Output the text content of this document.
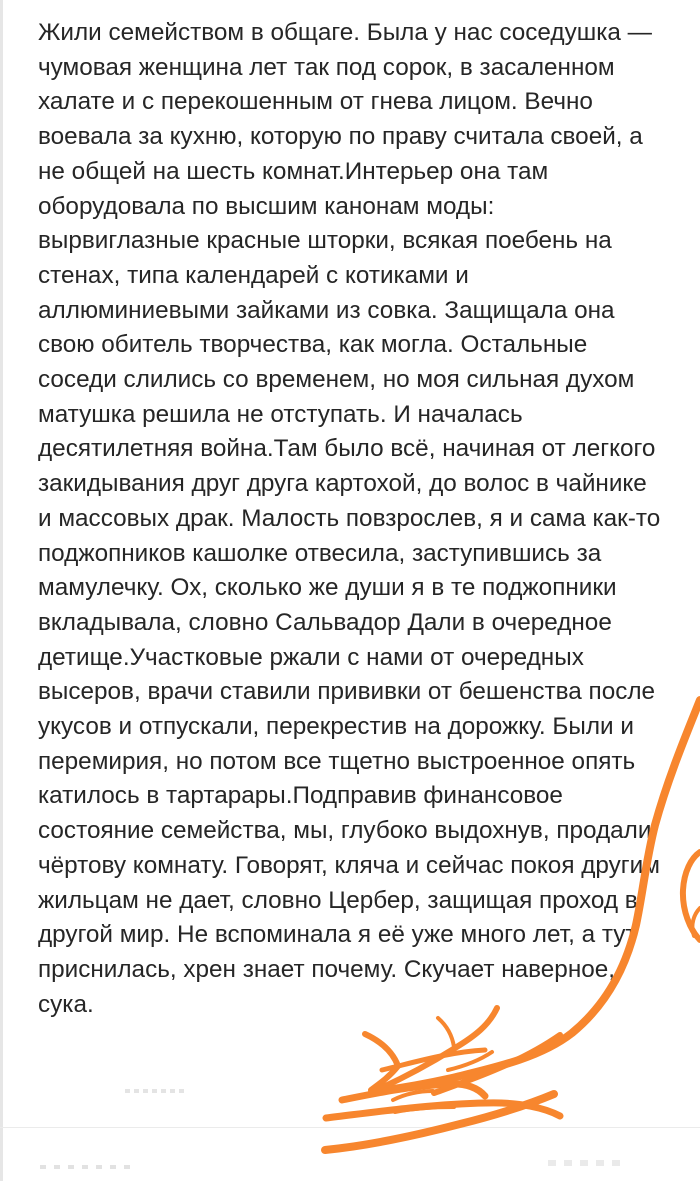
Жили семейством в общаге. Была у нас соседушка —
чумовая женщина лет так под сорок, в засаленном
халате и с перекошенным от гнева лицом. Вечно
воевала за кухню, которую по праву считала своей, а
не общей на шесть комнат.Интерьер она там
оборудовала по высшим канонам моды:
вырвиглазные красные шторки, всякая поебень на
стенах, типа календарей с котиками и
аллюминиевыми зайками из совка. Защищала она
свою обитель творчества, как могла. Остальные
соседи слились со временем, но моя сильная духом
матушка решила не отступать. И началась
десятилетняя война.Там было всё, начиная от легкого
закидывания друг друга картохой, до волос в чайнике
и массовых драк. Малость повзрослев, я и сама как-то
поджопников кашолке отвесила, заступившись за
мамулечку. Ох, сколько же души я в те поджопники
вкладывала, словно Сальвадор Дали в очередное
детище.Участковые ржали с нами от очередных
высеров, врачи ставили прививки от бешенства после
укусов и отпускали, перекрестив на дорожку. Были и
перемирия, но потом все тщетно выстроенное опять
катилось в тартарары.Подправив финансовое
состояние семейства, мы, глубоко выдохнув, продали
чёртову комнату. Говорят, кляча и сейчас покоя другим
жильцам не дает, словно Цербер, защищая проход в
другой мир. Не вспоминала я её уже много лет, а тут
приснилась, хрен знает почему. Скучает наверное,
сука.
